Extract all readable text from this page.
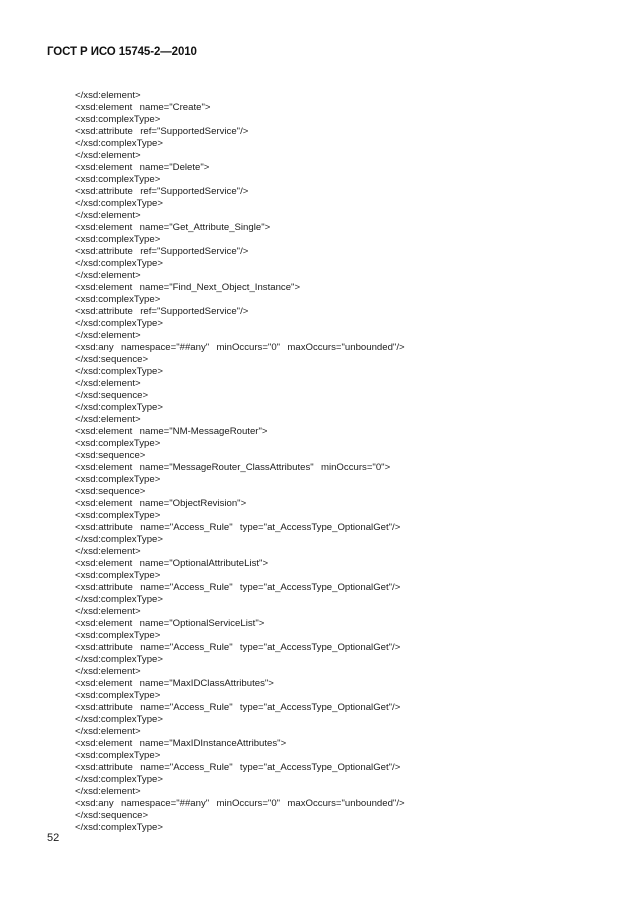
ГОСТ Р ИСО 15745-2—2010
</xsd:element>
<xsd:element  name="Create">
<xsd:complexType>
<xsd:attribute  ref="SupportedService"/>
</xsd:complexType>
</xsd:element>
<xsd:element  name="Delete">
<xsd:complexType>
<xsd:attribute  ref="SupportedService"/>
</xsd:complexType>
</xsd:element>
<xsd:element  name="Get_Attribute_Single">
<xsd:complexType>
<xsd:attribute  ref="SupportedService"/>
</xsd:complexType>
</xsd:element>
<xsd:element  name="Find_Next_Object_Instance">
<xsd:complexType>
<xsd:attribute  ref="SupportedService"/>
</xsd:complexType>
</xsd:element>
<xsd:any  namespace="##any"  minOccurs="0"  maxOccurs="unbounded"/>
</xsd:sequence>
</xsd:complexType>
</xsd:element>
</xsd:sequence>
</xsd:complexType>
</xsd:element>
<xsd:element  name="NM-MessageRouter">
<xsd:complexType>
<xsd:sequence>
<xsd:element  name="MessageRouter_ClassAttributes"  minOccurs="0">
<xsd:complexType>
<xsd:sequence>
<xsd:element  name="ObjectRevision">
<xsd:complexType>
<xsd:attribute  name="Access_Rule"  type="at_AccessType_OptionalGet"/>
</xsd:complexType>
</xsd:element>
<xsd:element  name="OptionalAttributeList">
<xsd:complexType>
<xsd:attribute  name="Access_Rule"  type="at_AccessType_OptionalGet"/>
</xsd:complexType>
</xsd:element>
<xsd:element  name="OptionalServiceList">
<xsd:complexType>
<xsd:attribute  name="Access_Rule"  type="at_AccessType_OptionalGet"/>
</xsd:complexType>
</xsd:element>
<xsd:element  name="MaxIDClassAttributes">
<xsd:complexType>
<xsd:attribute  name="Access_Rule"  type="at_AccessType_OptionalGet"/>
</xsd:complexType>
</xsd:element>
<xsd:element  name="MaxIDInstanceAttributes">
<xsd:complexType>
<xsd:attribute  name="Access_Rule"  type="at_AccessType_OptionalGet"/>
</xsd:complexType>
</xsd:element>
<xsd:any  namespace="##any"  minOccurs="0"  maxOccurs="unbounded"/>
</xsd:sequence>
</xsd:complexType>
52
